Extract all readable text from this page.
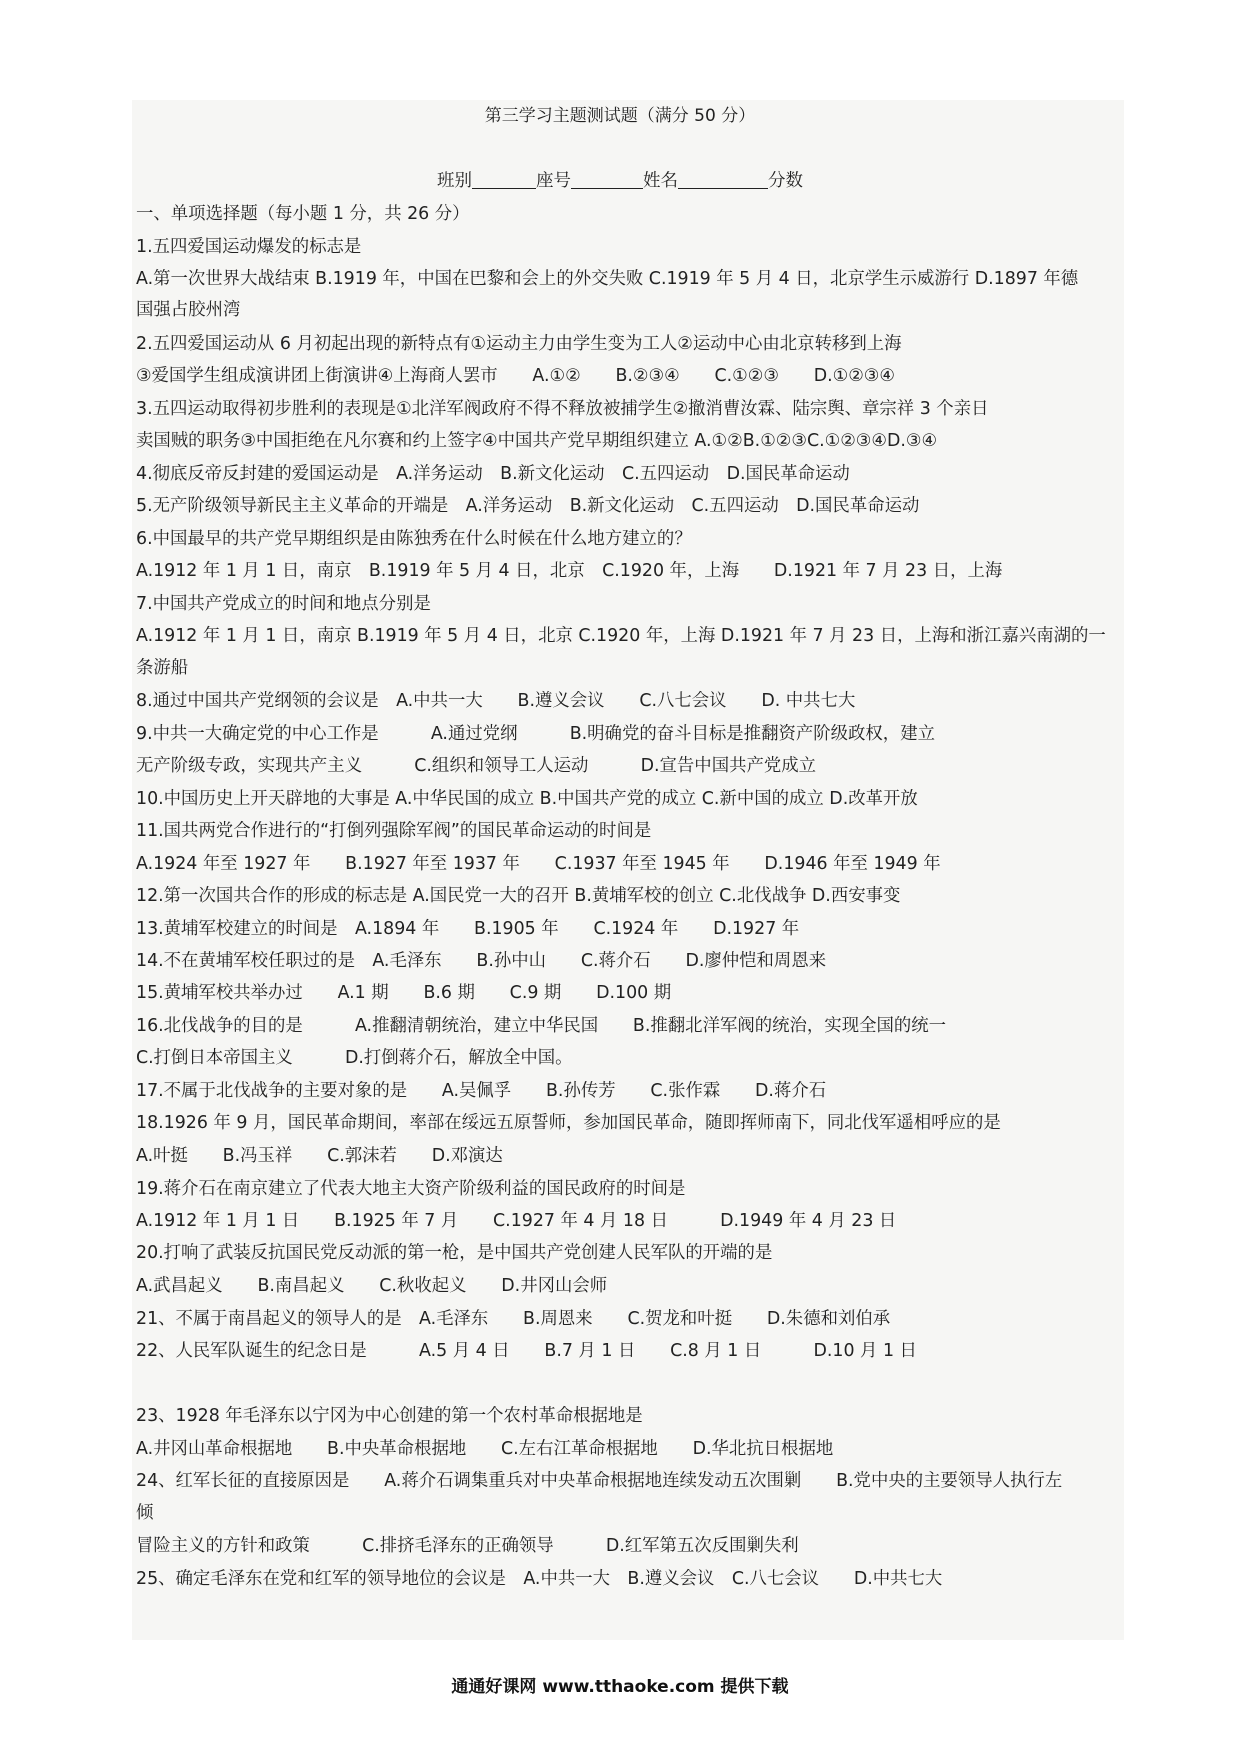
第三学习主题测试题（满分 50 分）
班别	座号	姓名	分数
一、单项选择题（每小题 1 分，共 26 分）
1.五四爱国运动爆发的标志是
A.第一次世界大战结束 B.1919 年，中国在巴黎和会上的外交失败 C.1919 年 5 月 4 日，北京学生示威游行 D.1897 年德
国强占胶州湾
2.五四爱国运动从 6 月初起出现的新特点有①运动主力由学生变为工人②运动中心由北京转移到上海
③爱国学生组成演讲团上街演讲④上海商人罢市　　A.①②　　B.②③④　　C.①②③　　D.①②③④
3.五四运动取得初步胜利的表现是①北洋军阀政府不得不释放被捕学生②撤消曹汝霖、陆宗舆、章宗祥 3 个亲日
卖国贼的职务③中国拒绝在凡尔赛和约上签字④中国共产党早期组织建立 A.①②B.①②③C.①②③④D.③④
4.彻底反帝反封建的爱国运动是　A.洋务运动　B.新文化运动　C.五四运动　D.国民革命运动
5.无产阶级领导新民主主义革命的开端是　A.洋务运动　B.新文化运动　C.五四运动　D.国民革命运动
6.中国最早的共产党早期组织是由陈独秀在什么时候在什么地方建立的？
A.1912 年 1 月 1 日，南京　B.1919 年 5 月 4 日，北京　C.1920 年，上海　　D.1921 年 7 月 23 日，上海
7.中国共产党成立的时间和地点分别是
A.1912 年 1 月 1 日，南京 B.1919 年 5 月 4 日，北京 C.1920 年，上海 D.1921 年 7 月 23 日，上海和浙江嘉兴南湖的一
条游船
8.通过中国共产党纲领的会议是　A.中共一大　　B.遵义会议　　C.八七会议　　D. 中共七大
9.中共一大确定党的中心工作是　　　A.通过党纲　　　B.明确党的奋斗目标是推翻资产阶级政权，建立
无产阶级专政，实现共产主义　　　C.组织和领导工人运动　　　D.宣告中国共产党成立
10.中国历史上开天辟地的大事是 A.中华民国的成立 B.中国共产党的成立 C.新中国的成立 D.改革开放
11.国共两党合作进行的“打倒列强除军阀”的国民革命运动的时间是
A.1924 年至 1927 年　　B.1927 年至 1937 年　　C.1937 年至 1945 年　　D.1946 年至 1949 年
12.第一次国共合作的形成的标志是 A.国民党一大的召开 B.黄埔军校的创立 C.北伐战争 D.西安事变
13.黄埔军校建立的时间是　A.1894 年　　B.1905 年　　C.1924 年　　D.1927 年
14.不在黄埔军校任职过的是　A.毛泽东　　B.孙中山　　C.蒋介石　　D.廖仲恺和周恩来
15.黄埔军校共举办过　　A.1 期　　B.6 期　　C.9 期　　D.100 期
16.北伐战争的目的是　　　A.推翻清朝统治，建立中华民国　　B.推翻北洋军阀的统治，实现全国的统一
C.打倒日本帝国主义　　　D.打倒蒋介石，解放全中国。
17.不属于北伐战争的主要对象的是　　A.吴佩孚　　B.孙传芳　　C.张作霖　　D.蒋介石
18.1926 年 9 月，国民革命期间，率部在绥远五原誓师，参加国民革命，随即挥师南下，同北伐军遥相呼应的是
A.叶挺　　B.冯玉祥　　C.郭沫若　　D.邓演达
19.蒋介石在南京建立了代表大地主大资产阶级利益的国民政府的时间是
A.1912 年 1 月 1 日　　B.1925 年 7 月　　C.1927 年 4 月 18 日　　　D.1949 年 4 月 23 日
20.打响了武装反抗国民党反动派的第一枪，是中国共产党创建人民军队的开端的是
A.武昌起义　　B.南昌起义　　C.秋收起义　　D.井冈山会师
21、不属于南昌起义的领导人的是　A.毛泽东　　B.周恩来　　C.贺龙和叶挺　　D.朱德和刘伯承
22、人民军队诞生的纪念日是　　　A.5 月 4 日　　B.7 月 1 日　　C.8 月 1 日　　　D.10 月 1 日
23、1928 年毛泽东以宁冈为中心创建的第一个农村革命根据地是
A.井冈山革命根据地　　B.中央革命根据地　　C.左右江革命根据地　　D.华北抗日根据地
24、红军长征的直接原因是　　A.蒋介石调集重兵对中央革命根据地连续发动五次围剿　　B.党中央的主要领导人执行左
倾
冒险主义的方针和政策　　　C.排挤毛泽东的正确领导　　　D.红军第五次反围剿失利
25、确定毛泽东在党和红军的领导地位的会议是　A.中共一大　B.遵义会议　C.八七会议　　D.中共七大
通通好课网 www.tthaoke.com 提供下载
